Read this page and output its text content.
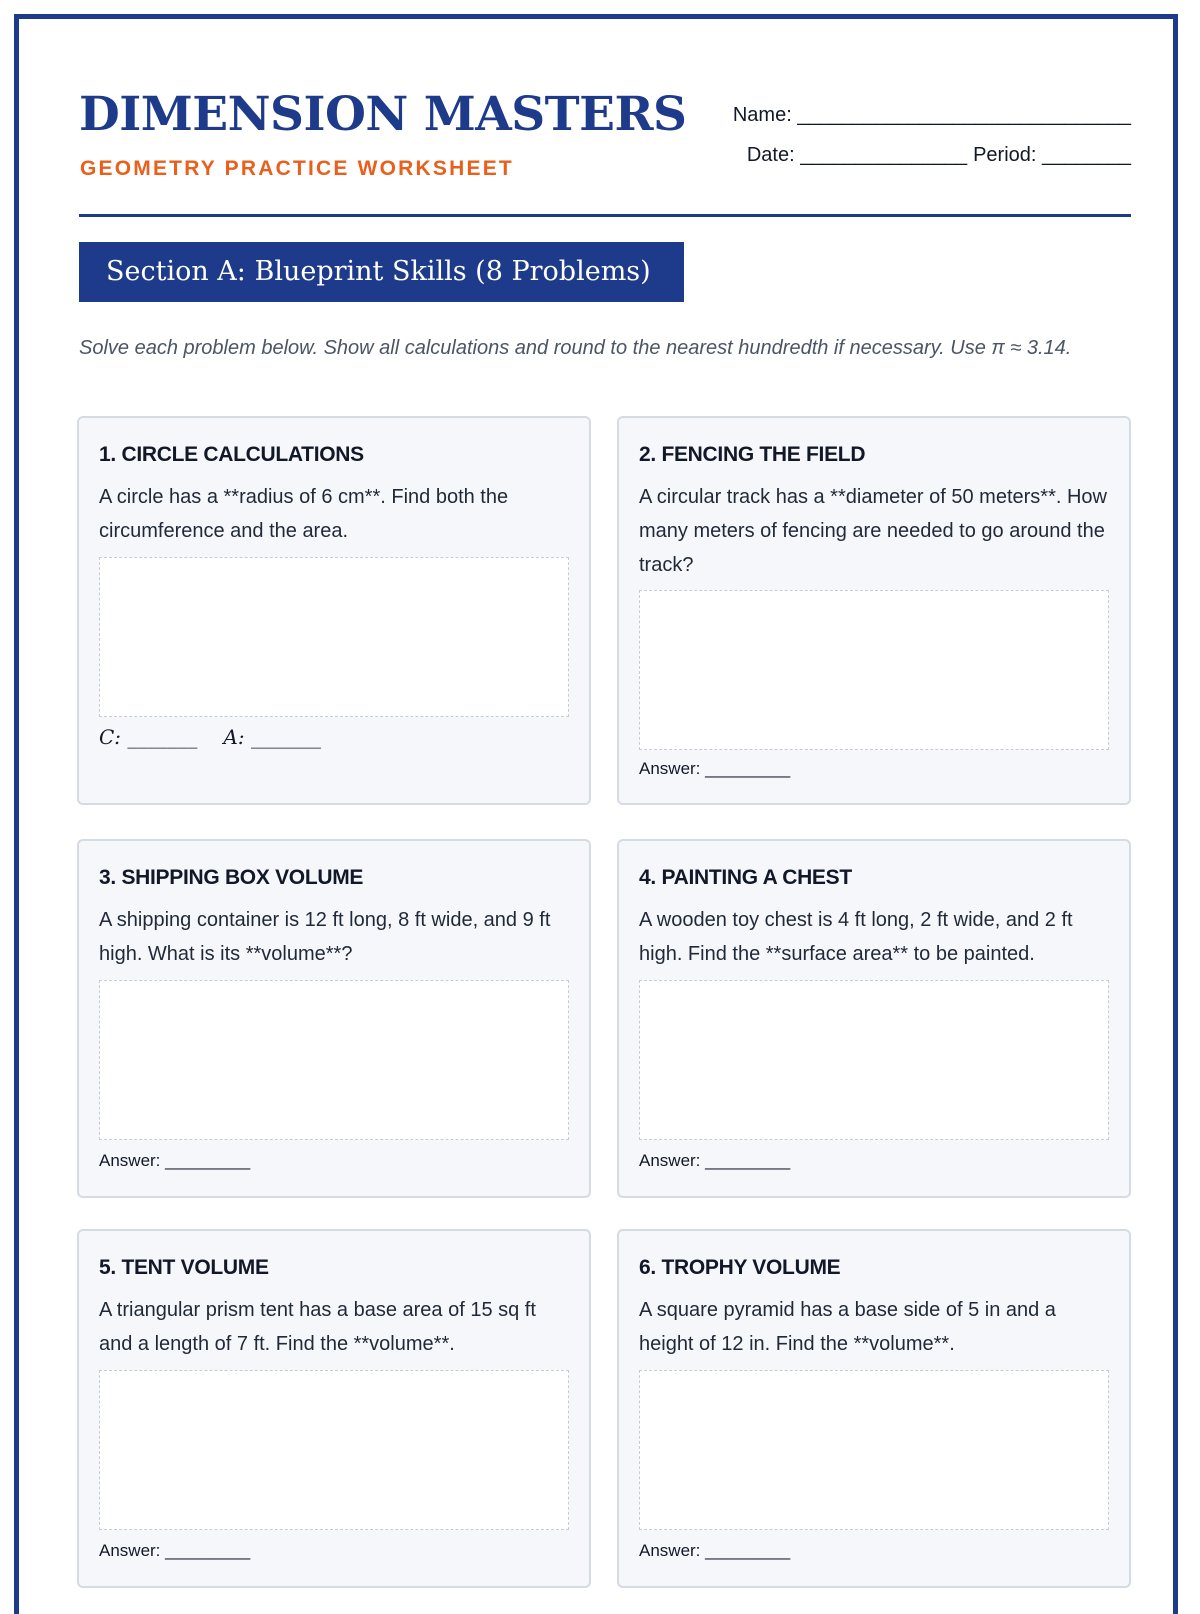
DIMENSION MASTERS
GEOMETRY PRACTICE WORKSHEET
Name: ______________________________
Date: _______________ Period: ________
Section A: Blueprint Skills (8 Problems)
Solve each problem below. Show all calculations and round to the nearest hundredth if necessary. Use π ≈ 3.14.
1. CIRCLE CALCULATIONS
A circle has a **radius of 6 cm**. Find both the circumference and the area.
C: _______ A: _______
2. FENCING THE FIELD
A circular track has a **diameter of 50 meters**. How many meters of fencing are needed to go around the track?
Answer: _________
3. SHIPPING BOX VOLUME
A shipping container is 12 ft long, 8 ft wide, and 9 ft high. What is its **volume**?
Answer: _________
4. PAINTING A CHEST
A wooden toy chest is 4 ft long, 2 ft wide, and 2 ft high. Find the **surface area** to be painted.
Answer: _________
5. TENT VOLUME
A triangular prism tent has a base area of 15 sq ft and a length of 7 ft. Find the **volume**.
Answer: _________
6. TROPHY VOLUME
A square pyramid has a base side of 5 in and a height of 12 in. Find the **volume**.
Answer: _________
